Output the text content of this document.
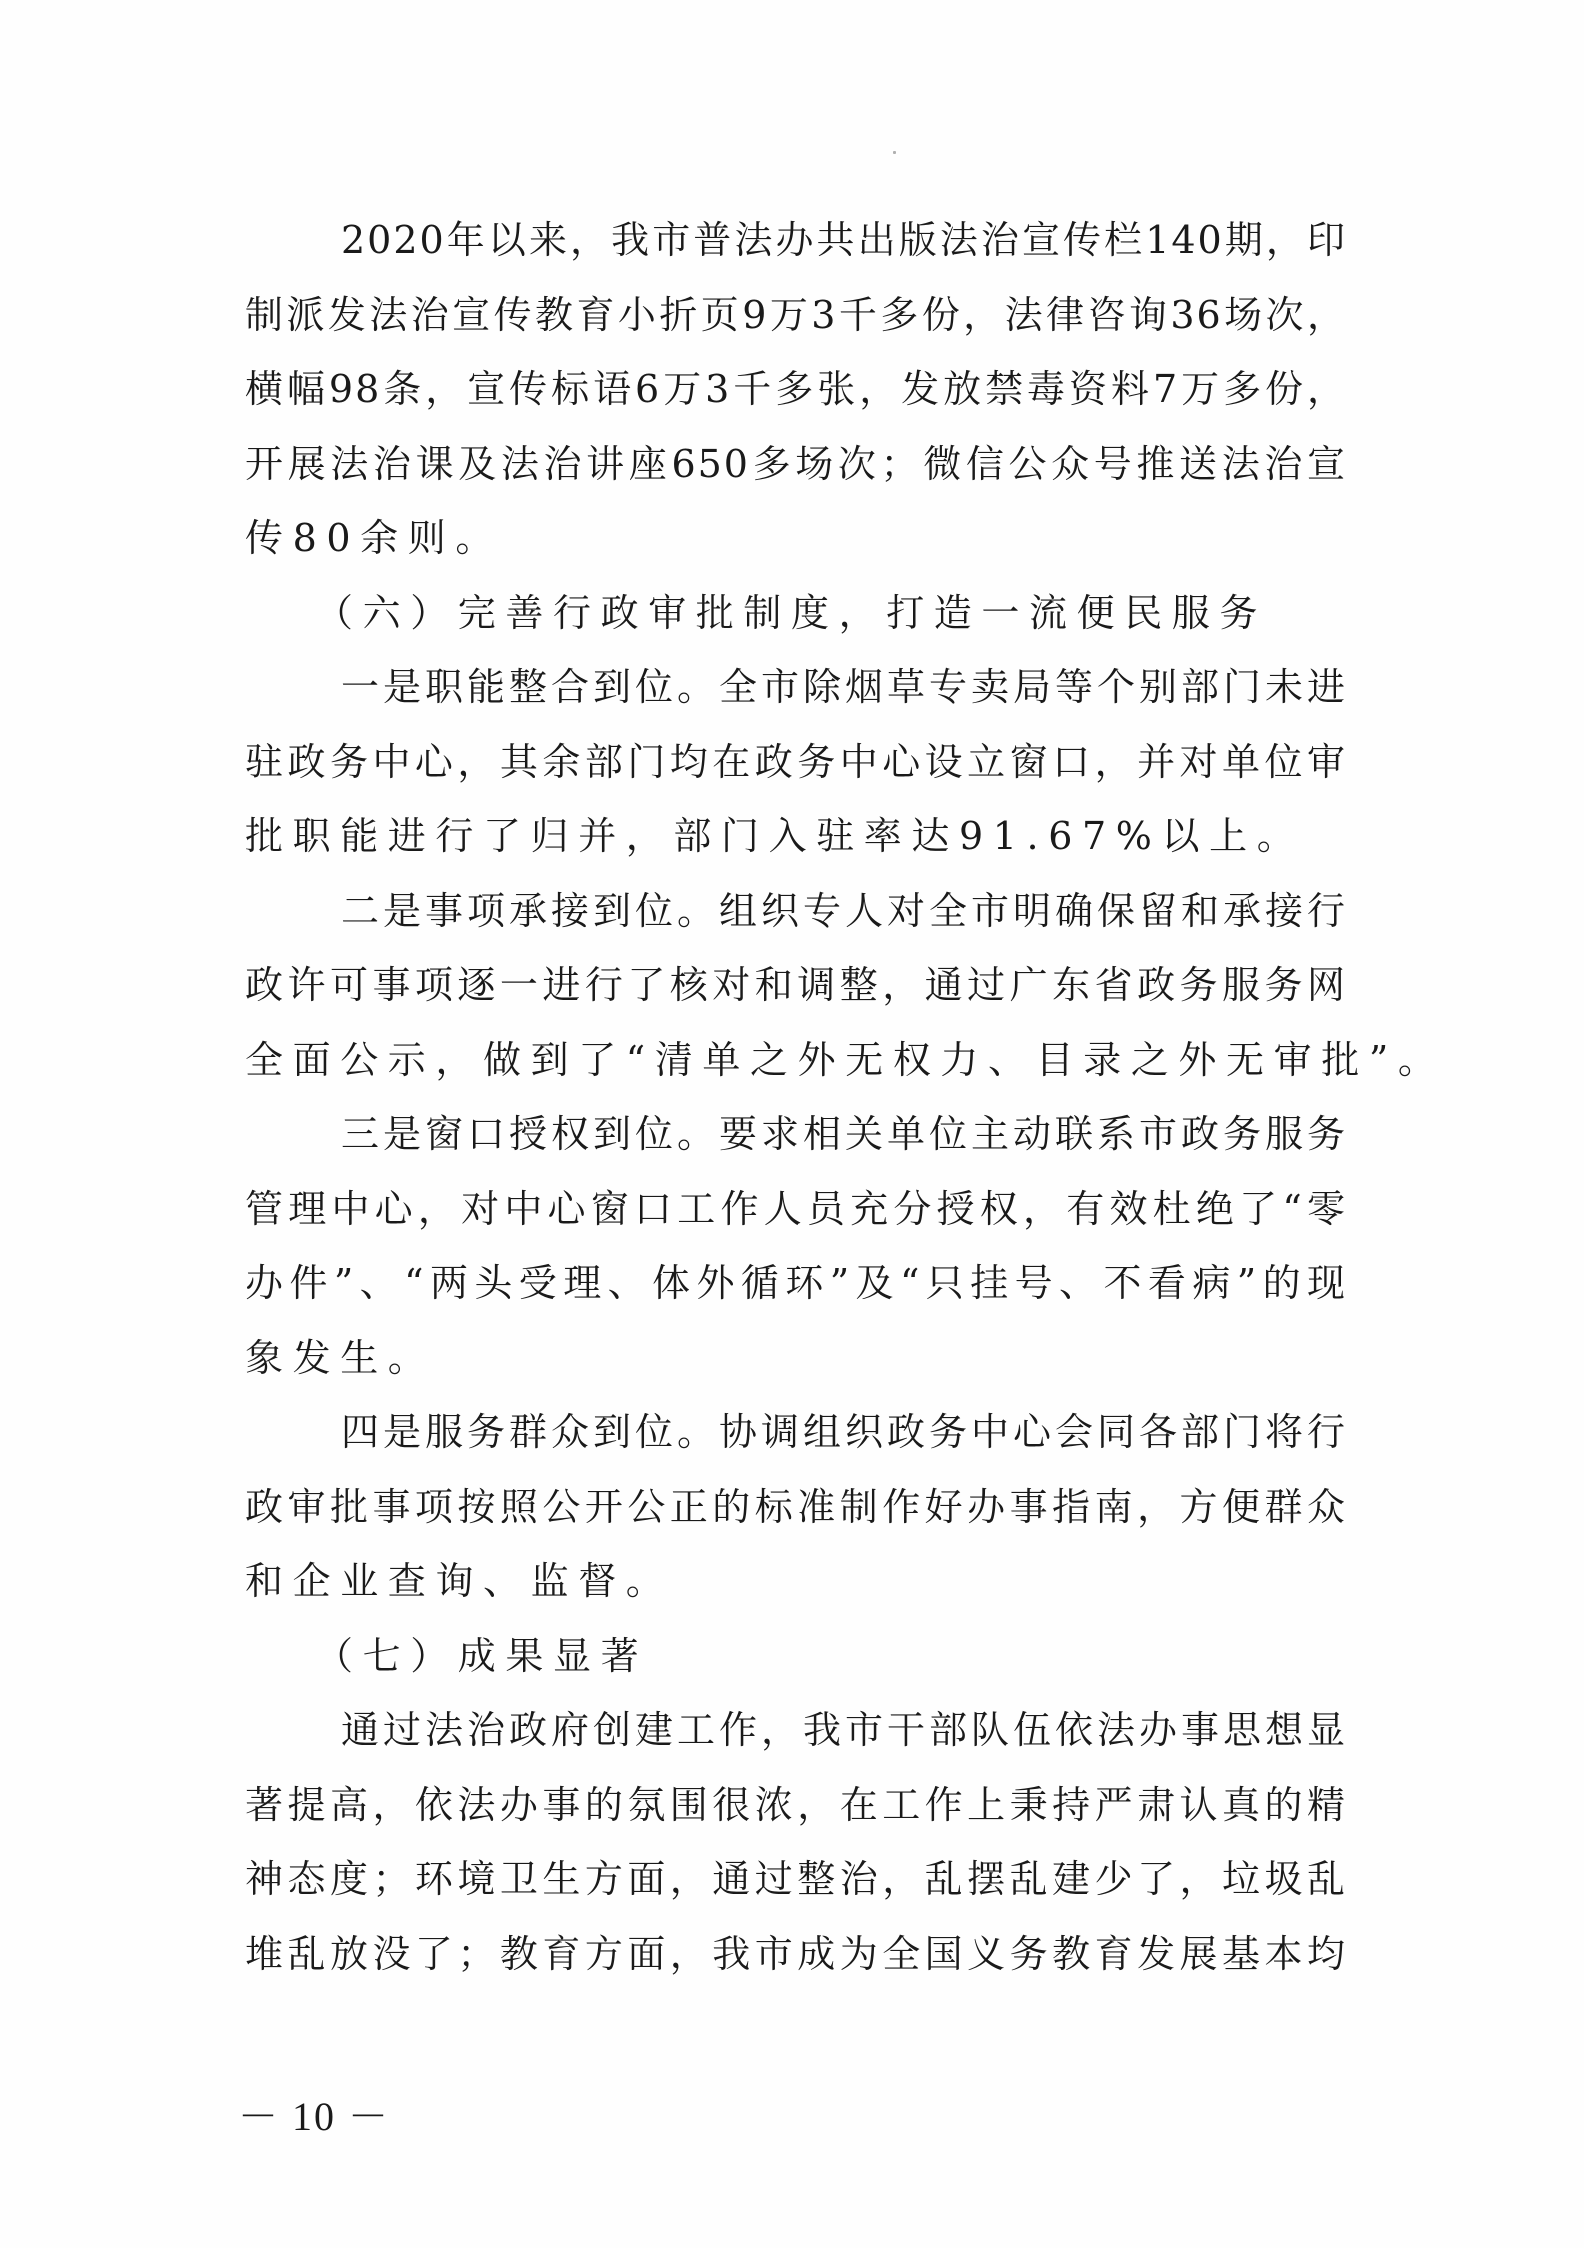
2020年以来，我市普法办共出版法治宣传栏140期，印
制派发法治宣传教育小折页9万3千多份，法律咨询36场次，
横幅98条，宣传标语6万3千多张，发放禁毒资料7万多份，
开展法治课及法治讲座650多场次；微信公众号推送法治宣
传80余则。
（六）完善行政审批制度，打造一流便民服务
一是职能整合到位。全市除烟草专卖局等个别部门未进
驻政务中心，其余部门均在政务中心设立窗口，并对单位审
批职能进行了归并，部门入驻率达91.67%以上。
二是事项承接到位。组织专人对全市明确保留和承接行
政许可事项逐一进行了核对和调整，通过广东省政务服务网
全面公示，做到了“清单之外无权力、目录之外无审批”。
三是窗口授权到位。要求相关单位主动联系市政务服务
管理中心，对中心窗口工作人员充分授权，有效杜绝了“零
办件”、“两头受理、体外循环”及“只挂号、不看病”的现
象发生。
四是服务群众到位。协调组织政务中心会同各部门将行
政审批事项按照公开公正的标准制作好办事指南，方便群众
和企业查询、监督。
（七）成果显著
通过法治政府创建工作，我市干部队伍依法办事思想显
著提高，依法办事的氛围很浓，在工作上秉持严肃认真的精
神态度；环境卫生方面，通过整治，乱摆乱建少了，垃圾乱
堆乱放没了；教育方面，我市成为全国义务教育发展基本均
－ 10 －
